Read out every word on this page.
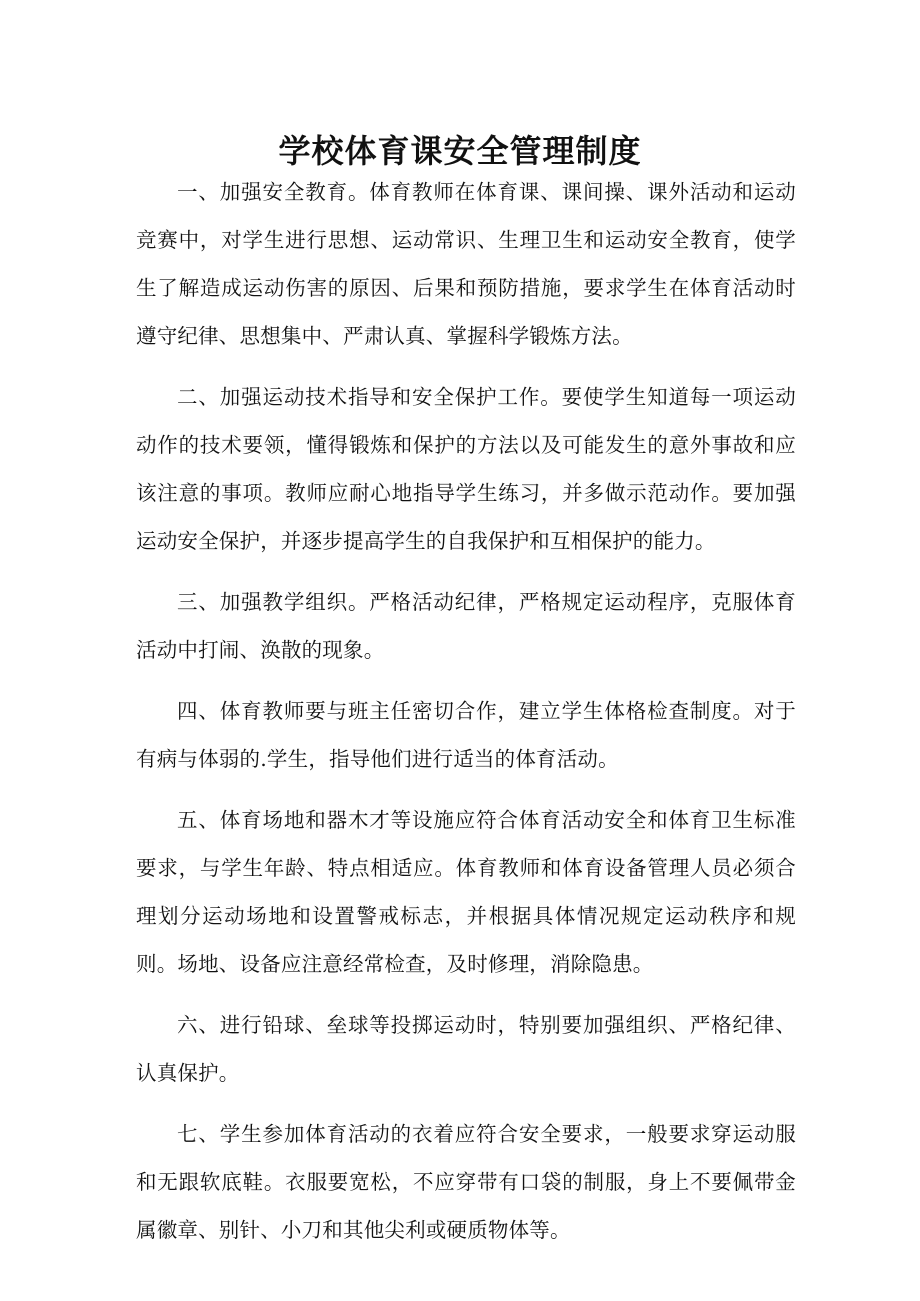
学校体育课安全管理制度

一、加强安全教育。体育教师在体育课、课间操、课外活动和运动竞赛中，对学生进行思想、运动常识、生理卫生和运动安全教育，使学生了解造成运动伤害的原因、后果和预防措施，要求学生在体育活动时遵守纪律、思想集中、严肃认真、掌握科学锻炼方法。

二、加强运动技术指导和安全保护工作。要使学生知道每一项运动动作的技术要领，懂得锻炼和保护的方法以及可能发生的意外事故和应该注意的事项。教师应耐心地指导学生练习，并多做示范动作。要加强运动安全保护，并逐步提高学生的自我保护和互相保护的能力。

三、加强教学组织。严格活动纪律，严格规定运动程序，克服体育活动中打闹、涣散的现象。

四、体育教师要与班主任密切合作，建立学生体格检查制度。对于有病与体弱的.学生，指导他们进行适当的体育活动。

五、体育场地和器木才等设施应符合体育活动安全和体育卫生标准要求，与学生年龄、特点相适应。体育教师和体育设备管理人员必须合理划分运动场地和设置警戒标志，并根据具体情况规定运动秩序和规则。场地、设备应注意经常检查，及时修理，消除隐患。

六、进行铅球、垒球等投掷运动时，特别要加强组织、严格纪律、认真保护。

七、学生参加体育活动的衣着应符合安全要求，一般要求穿运动服和无跟软底鞋。衣服要宽松，不应穿带有口袋的制服，身上不要佩带金属徽章、别针、小刀和其他尖利或硬质物体等。
